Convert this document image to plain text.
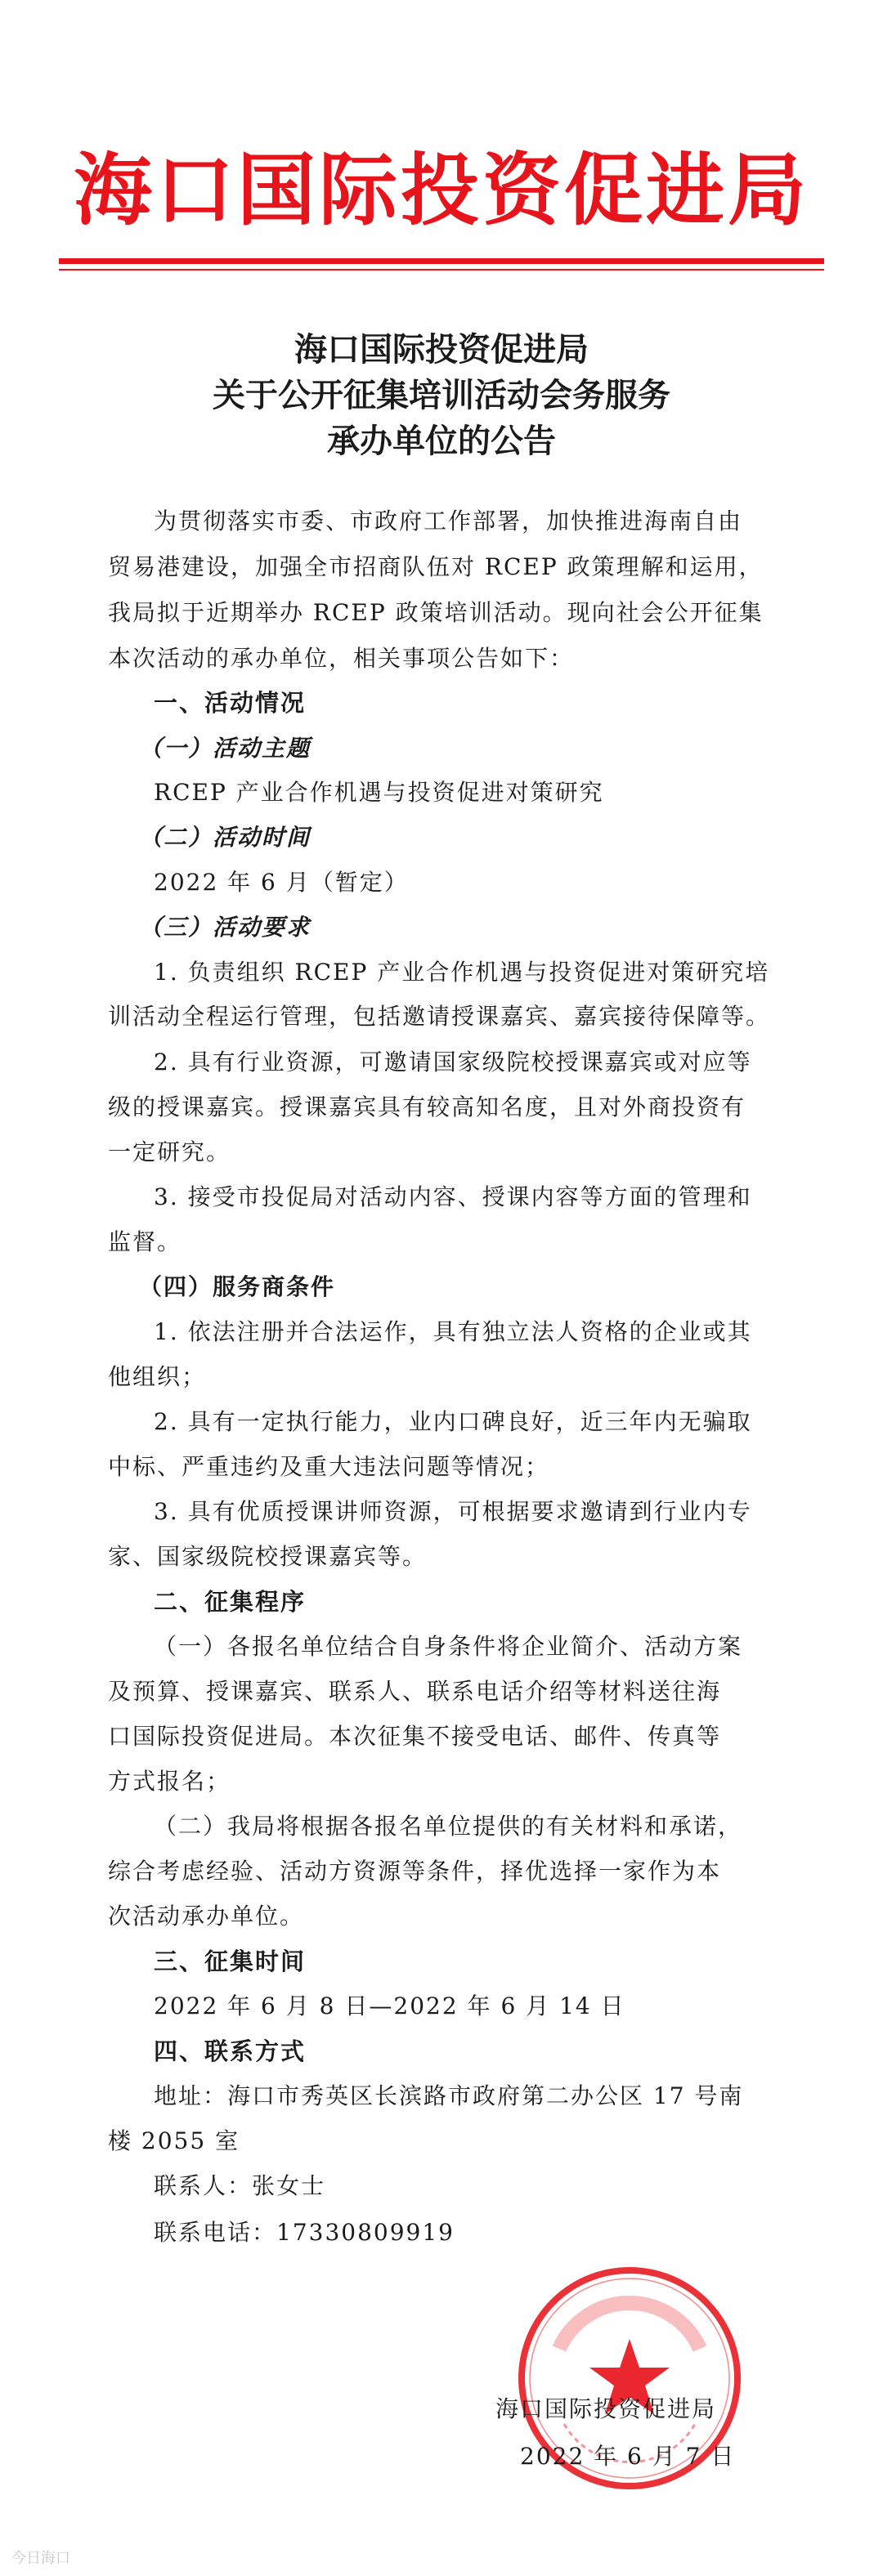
海口国际投资促进局
海口国际投资促进局
关于公开征集培训活动会务服务
承办单位的公告
为贯彻落实市委、市政府工作部署，加快推进海南自由
贸易港建设，加强全市招商队伍对 RCEP 政策理解和运用，
我局拟于近期举办 RCEP 政策培训活动。现向社会公开征集
本次活动的承办单位，相关事项公告如下：
一、活动情况
（一）活动主题
RCEP 产业合作机遇与投资促进对策研究
（二）活动时间
2022 年 6 月（暂定）
（三）活动要求
1. 负责组织 RCEP 产业合作机遇与投资促进对策研究培
训活动全程运行管理，包括邀请授课嘉宾、嘉宾接待保障等。
2. 具有行业资源，可邀请国家级院校授课嘉宾或对应等
级的授课嘉宾。授课嘉宾具有较高知名度，且对外商投资有
一定研究。
3. 接受市投促局对活动内容、授课内容等方面的管理和
监督。
（四）服务商条件
1. 依法注册并合法运作，具有独立法人资格的企业或其
他组织；
2. 具有一定执行能力，业内口碑良好，近三年内无骗取
中标、严重违约及重大违法问题等情况；
3. 具有优质授课讲师资源，可根据要求邀请到行业内专
家、国家级院校授课嘉宾等。
二、征集程序
（一）各报名单位结合自身条件将企业简介、活动方案
及预算、授课嘉宾、联系人、联系电话介绍等材料送往海
口国际投资促进局。本次征集不接受电话、邮件、传真等
方式报名；
（二）我局将根据各报名单位提供的有关材料和承诺，
综合考虑经验、活动方资源等条件，择优选择一家作为本
次活动承办单位。
三、征集时间
2022 年 6 月 8 日—2022 年 6 月 14 日
四、联系方式
地址：海口市秀英区长滨路市政府第二办公区 17 号南
楼 2055 室
联系人：张女士
联系电话：17330809919
海口国际投资促进局
2022 年 6 月 7 日
今日海口
